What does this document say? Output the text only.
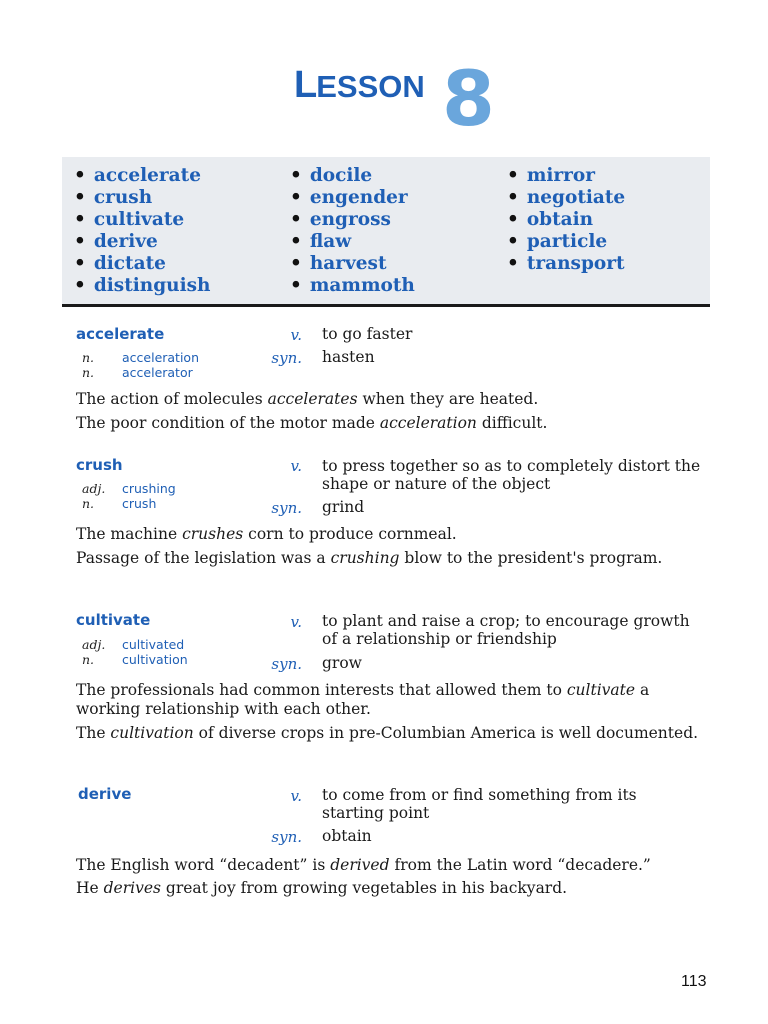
LESSON 8
• accelerate
• crush
• cultivate
• derive
• dictate
• distinguish
• docile
• engender
• engross
• flaw
• harvest
• mammoth
• mirror
• negotiate
• obtain
• particle
• transport
accelerate
n. acceleration
n. accelerator
v. to go faster
syn. hasten
The action of molecules accelerates when they are heated.
The poor condition of the motor made acceleration difficult.
crush
adj. crushing
n. crush
v. to press together so as to completely distort the shape or nature of the object
syn. grind
The machine crushes corn to produce cornmeal.
Passage of the legislation was a crushing blow to the president's program.
cultivate
adj. cultivated
n. cultivation
v. to plant and raise a crop; to encourage growth of a relationship or friendship
syn. grow
The professionals had common interests that allowed them to cultivate a working relationship with each other.
The cultivation of diverse crops in pre-Columbian America is well documented.
derive	v. to come from or find something from its starting point
syn. obtain
The English word “decadent” is derived from the Latin word “decadere.”
He derives great joy from growing vegetables in his backyard.
113
